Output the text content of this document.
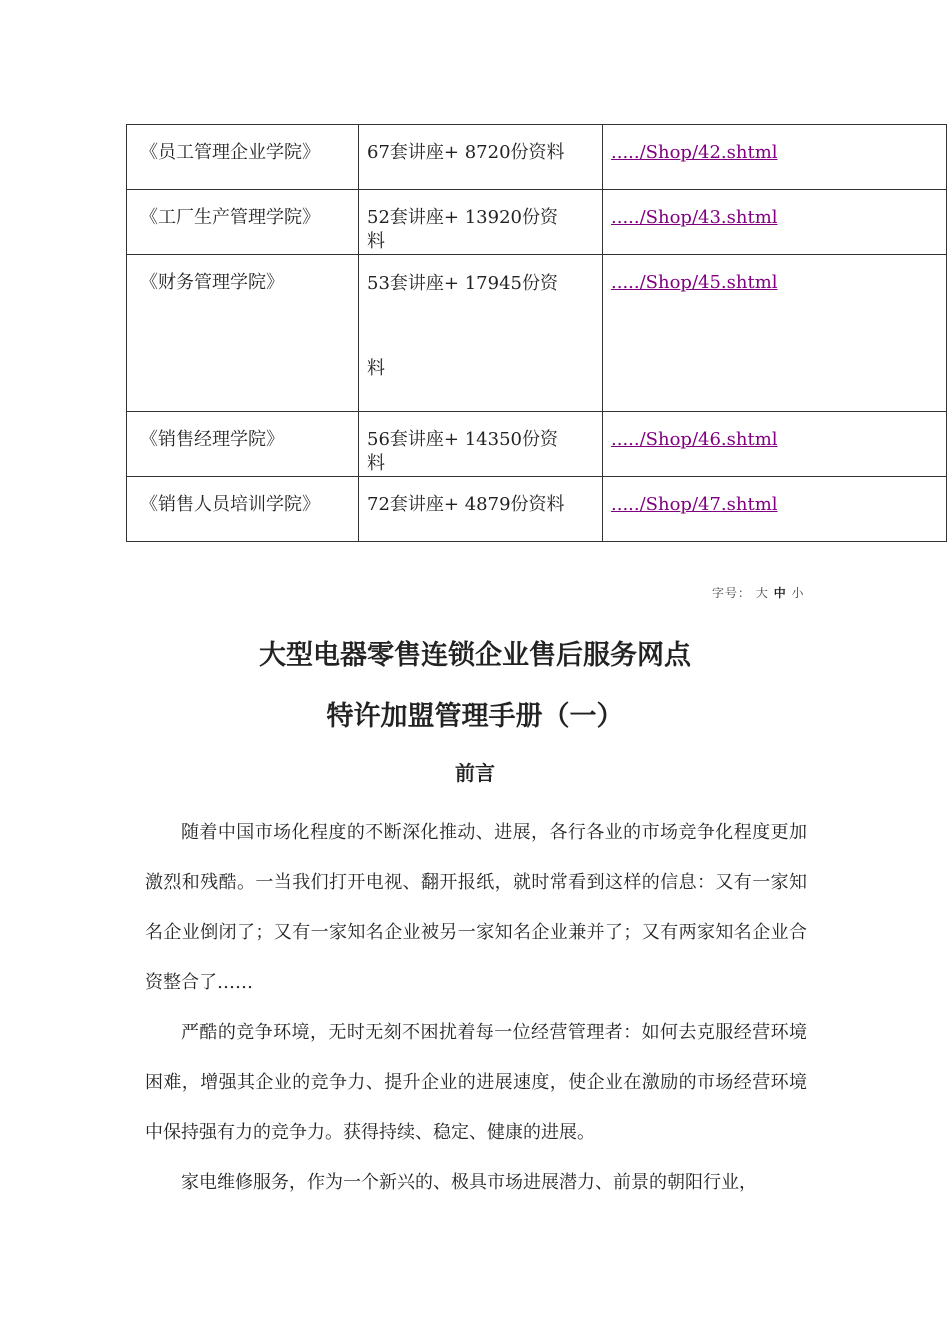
《员工管理企业学院》	67套讲座+ 8720份资料	...../Shop/42.shtml
《工厂生产管理学院》	52套讲座+ 13920份资料	...../Shop/43.shtml
《财务管理学院》	53套讲座+ 17945份资料	...../Shop/45.shtml
《销售经理学院》	56套讲座+ 14350份资料	...../Shop/46.shtml
《销售人员培训学院》	72套讲座+ 4879份资料	...../Shop/47.shtml
字号： 大 中 小
大型电器零售连锁企业售后服务网点
特许加盟管理手册（一）
前言

随着中国市场化程度的不断深化推动、进展，各行各业的市场竞争化程度更加激烈和残酷。一当我们打开电视、翻开报纸，就时常看到这样的信息：又有一家知名企业倒闭了；又有一家知名企业被另一家知名企业兼并了；又有两家知名企业合资整合了……

严酷的竞争环境，无时无刻不困扰着每一位经营管理者：如何去克服经营环境困难，增强其企业的竞争力、提升企业的进展速度，使企业在激励的市场经营环境中保持强有力的竞争力。获得持续、稳定、健康的进展。

家电维修服务，作为一个新兴的、极具市场进展潜力、前景的朝阳行业，
